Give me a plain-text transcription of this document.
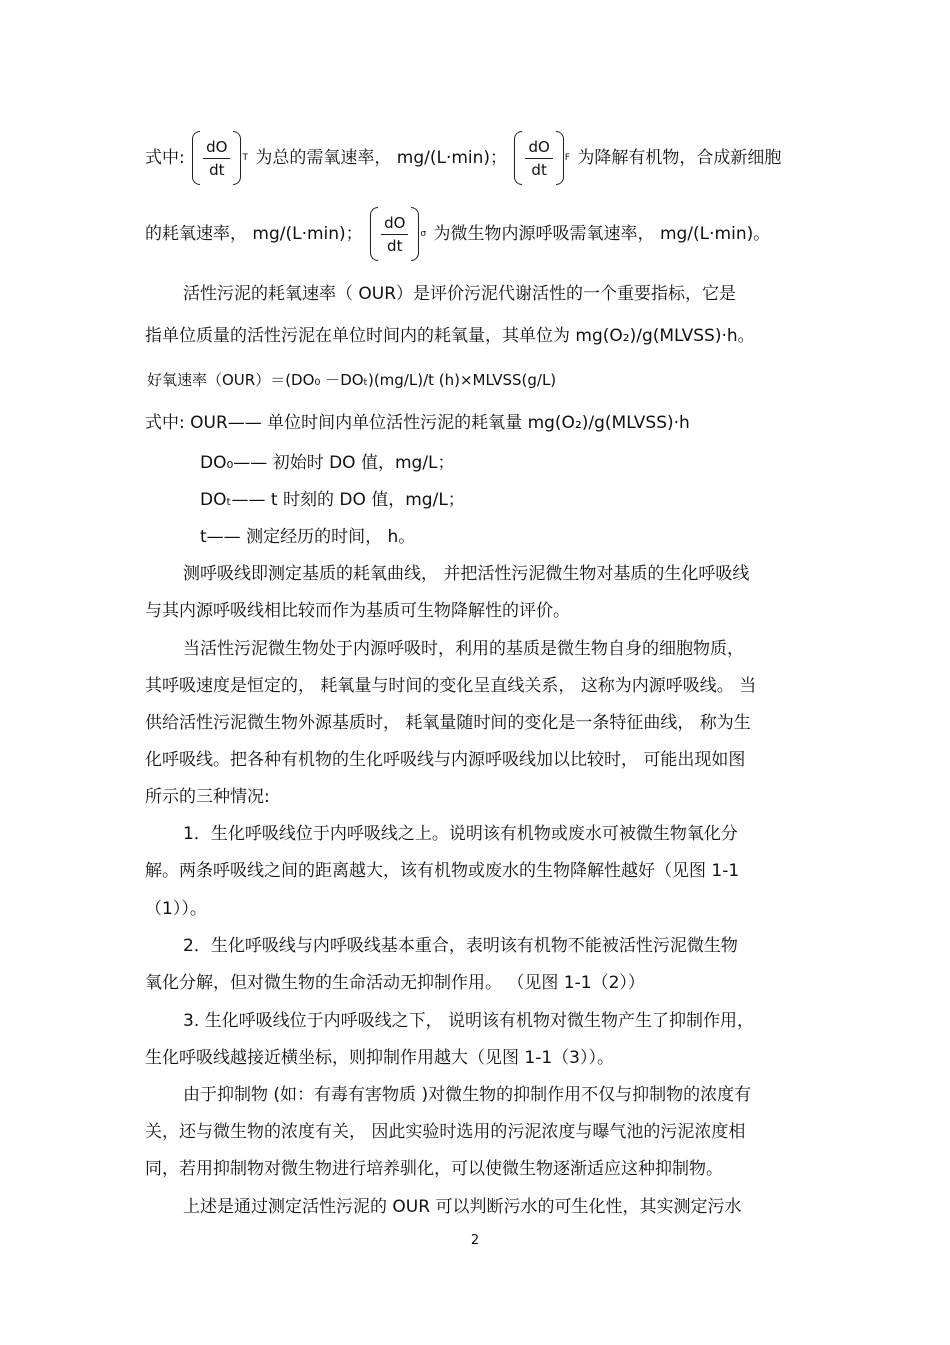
式中: $\frac{dO}{dt}$ T 为总的需氧速率， mg/(L·min)； $\frac{dO}{dt}$ F 为降解有机物，合成新细胞
的耗氧速率， mg/(L·min)； $\frac{dO}{dt}$ σ 为微生物内源呼吸需氧速率， mg/(L·min)。
活性污泥的耗氧速率（ OUR）是评价污泥代谢活性的一个重要指标，它是
指单位质量的活性污泥在单位时间内的耗氧量，其单位为 mg(O₂)/g(MLVSS)·h。
好氧速率（OUR）＝(DO₀ －DOₜ)(mg/L)/t (h)×MLVSS(g/L)
式中: OUR—— 单位时间内单位活性污泥的耗氧量 mg(O₂)/g(MLVSS)·h
DO₀—— 初始时 DO 值，mg/L；
DOₜ—— t 时刻的 DO 值，mg/L；
t—— 测定经历的时间， h。
测呼吸线即测定基质的耗氧曲线， 并把活性污泥微生物对基质的生化呼吸线
与其内源呼吸线相比较而作为基质可生物降解性的评价。
当活性污泥微生物处于内源呼吸时，利用的基质是微生物自身的细胞物质，
其呼吸速度是恒定的， 耗氧量与时间的变化呈直线关系， 这称为内源呼吸线。 当
供给活性污泥微生物外源基质时， 耗氧量随时间的变化是一条特征曲线， 称为生
化呼吸线。把各种有机物的生化呼吸线与内源呼吸线加以比较时， 可能出现如图
所示的三种情况:
1．生化呼吸线位于内呼吸线之上。说明该有机物或废水可被微生物氧化分
解。两条呼吸线之间的距离越大，该有机物或废水的生物降解性越好（见图 1-1
（1））。
2．生化呼吸线与内呼吸线基本重合，表明该有机物不能被活性污泥微生物
氧化分解，但对微生物的生命活动无抑制作用。 （见图 1-1（2））
3. 生化呼吸线位于内呼吸线之下， 说明该有机物对微生物产生了抑制作用，
生化呼吸线越接近横坐标，则抑制作用越大（见图 1-1（3））。
由于抑制物 (如：有毒有害物质 )对微生物的抑制作用不仅与抑制物的浓度有
关，还与微生物的浓度有关， 因此实验时选用的污泥浓度与曝气池的污泥浓度相
同，若用抑制物对微生物进行培养驯化，可以使微生物逐渐适应这种抑制物。
上述是通过测定活性污泥的 OUR 可以判断污水的可生化性，其实测定污水
2
